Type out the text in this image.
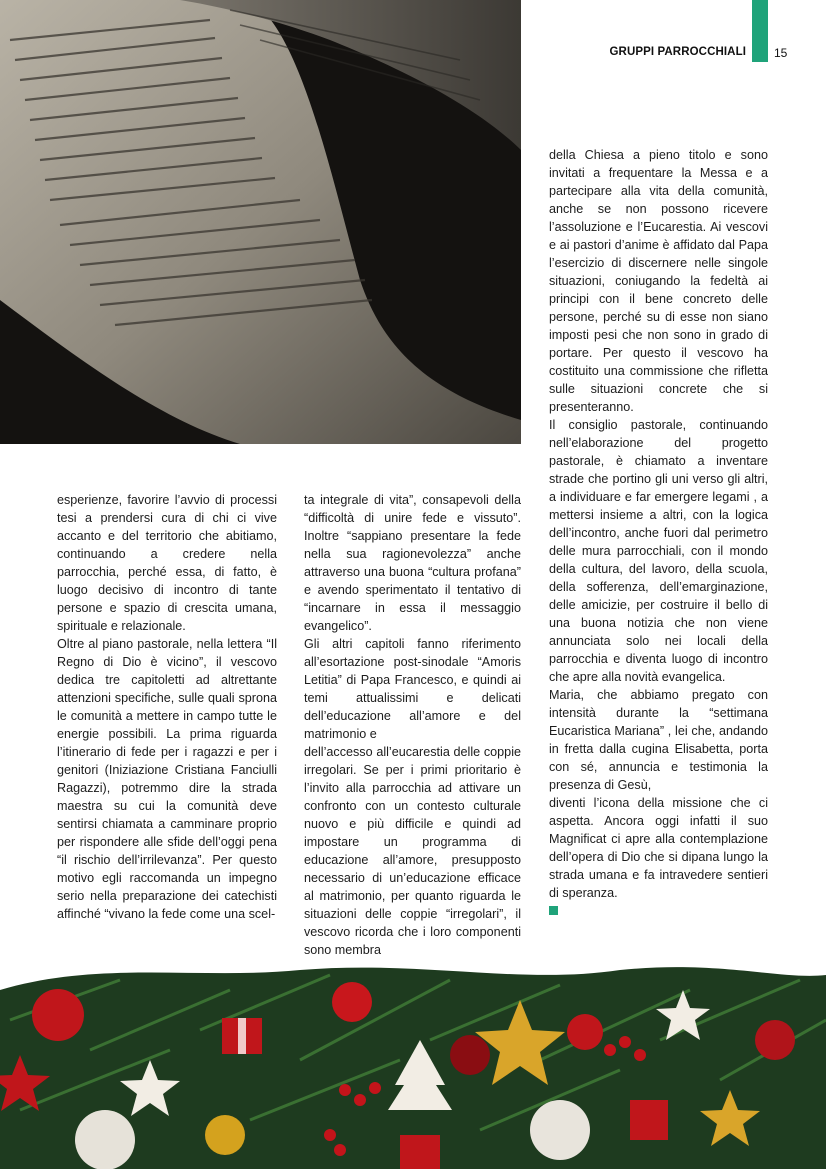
GRUPPI PARROCCHIALI 15

esperienze, favorire l’avvio di processi tesi a prendersi cura di chi ci vive accanto e del territorio che abitiamo, continuando a credere nella parrocchia, perché essa, di fatto, è luogo decisivo di incontro di tante persone e spazio di crescita umana, spirituale e relazionale.

Oltre al piano pastorale, nella lettera “Il Regno di Dio è vicino”, il vescovo dedica tre capitoletti ad altrettante attenzioni specifiche, sulle quali sprona le comunità a mettere in campo tutte le energie possibili. La prima riguarda l’itinerario di fede per i ragazzi e per i genitori (Iniziazione Cristiana Fanciulli Ragazzi), potremmo dire la strada maestra su cui la comunità deve sentirsi chiamata a camminare proprio per rispondere alle sfide dell’oggi pena “il rischio dell’irrilevanza”. Per questo motivo egli raccomanda un impegno serio nella preparazione dei catechisti affinché “vivano la fede come una scel-

ta integrale di vita”, consapevoli della “difficoltà di unire fede e vissuto”. Inoltre “sappiano presentare la fede nella sua ragionevolezza” anche attraverso una buona “cultura profana” e avendo sperimentato il tentativo di “incarnare in essa il messaggio evangelico”.

Gli altri capitoli fanno riferimento all’esortazione post-sinodale “Amoris Letitia” di Papa Francesco, e quindi ai temi attualissimi e delicati dell’educazione all’amore e del matrimonio e

dell’accesso all’eucarestia delle coppie irregolari. Se per i primi prioritario è l’invito alla parrocchia ad attivare un confronto con un contesto culturale nuovo e più difficile e quindi ad impostare un programma di educazione all’amore, presupposto necessario di un’educazione efficace al matrimonio, per quanto riguarda le situazioni delle coppie “irregolari”, il vescovo ricorda che i loro componenti sono membra

della Chiesa a pieno titolo e sono invitati a frequentare la Messa e a partecipare alla vita della comunità, anche se non possono ricevere l’assoluzione e l’Eucarestia. Ai vescovi e ai pastori d’anime è affidato dal Papa l’esercizio di discernere nelle singole situazioni, coniugando la fedeltà ai principi con il bene concreto delle persone, perché su di esse non siano imposti pesi che non sono in grado di portare. Per questo il vescovo ha costituito una commissione che rifletta sulle situazioni concrete che si presenteranno.

Il consiglio pastorale, continuando nell’elaborazione del progetto pastorale, è chiamato a inventare strade che portino gli uni verso gli altri, a individuare e far emergere legami , a mettersi insieme a altri, con la logica dell’incontro, anche fuori dal perimetro delle mura parrocchiali, con il mondo della cultura, del lavoro, della scuola, della sofferenza, dell’emarginazione, delle amicizie, per costruire il bello di una buona notizia che non viene annunciata solo nei locali della parrocchia e diventa luogo di incontro che apre alla novità evangelica.

Maria, che abbiamo pregato con intensità durante la “settimana Eucaristica Mariana” , lei che, andando in fretta dalla cugina Elisabetta, porta con sé, annuncia e testimonia la presenza di Gesù,

diventi l’icona della missione che ci aspetta. Ancora oggi infatti il suo Magnificat ci apre alla contemplazione dell’opera di Dio che si dipana lungo la strada umana e fa intravedere sentieri di speranza.
